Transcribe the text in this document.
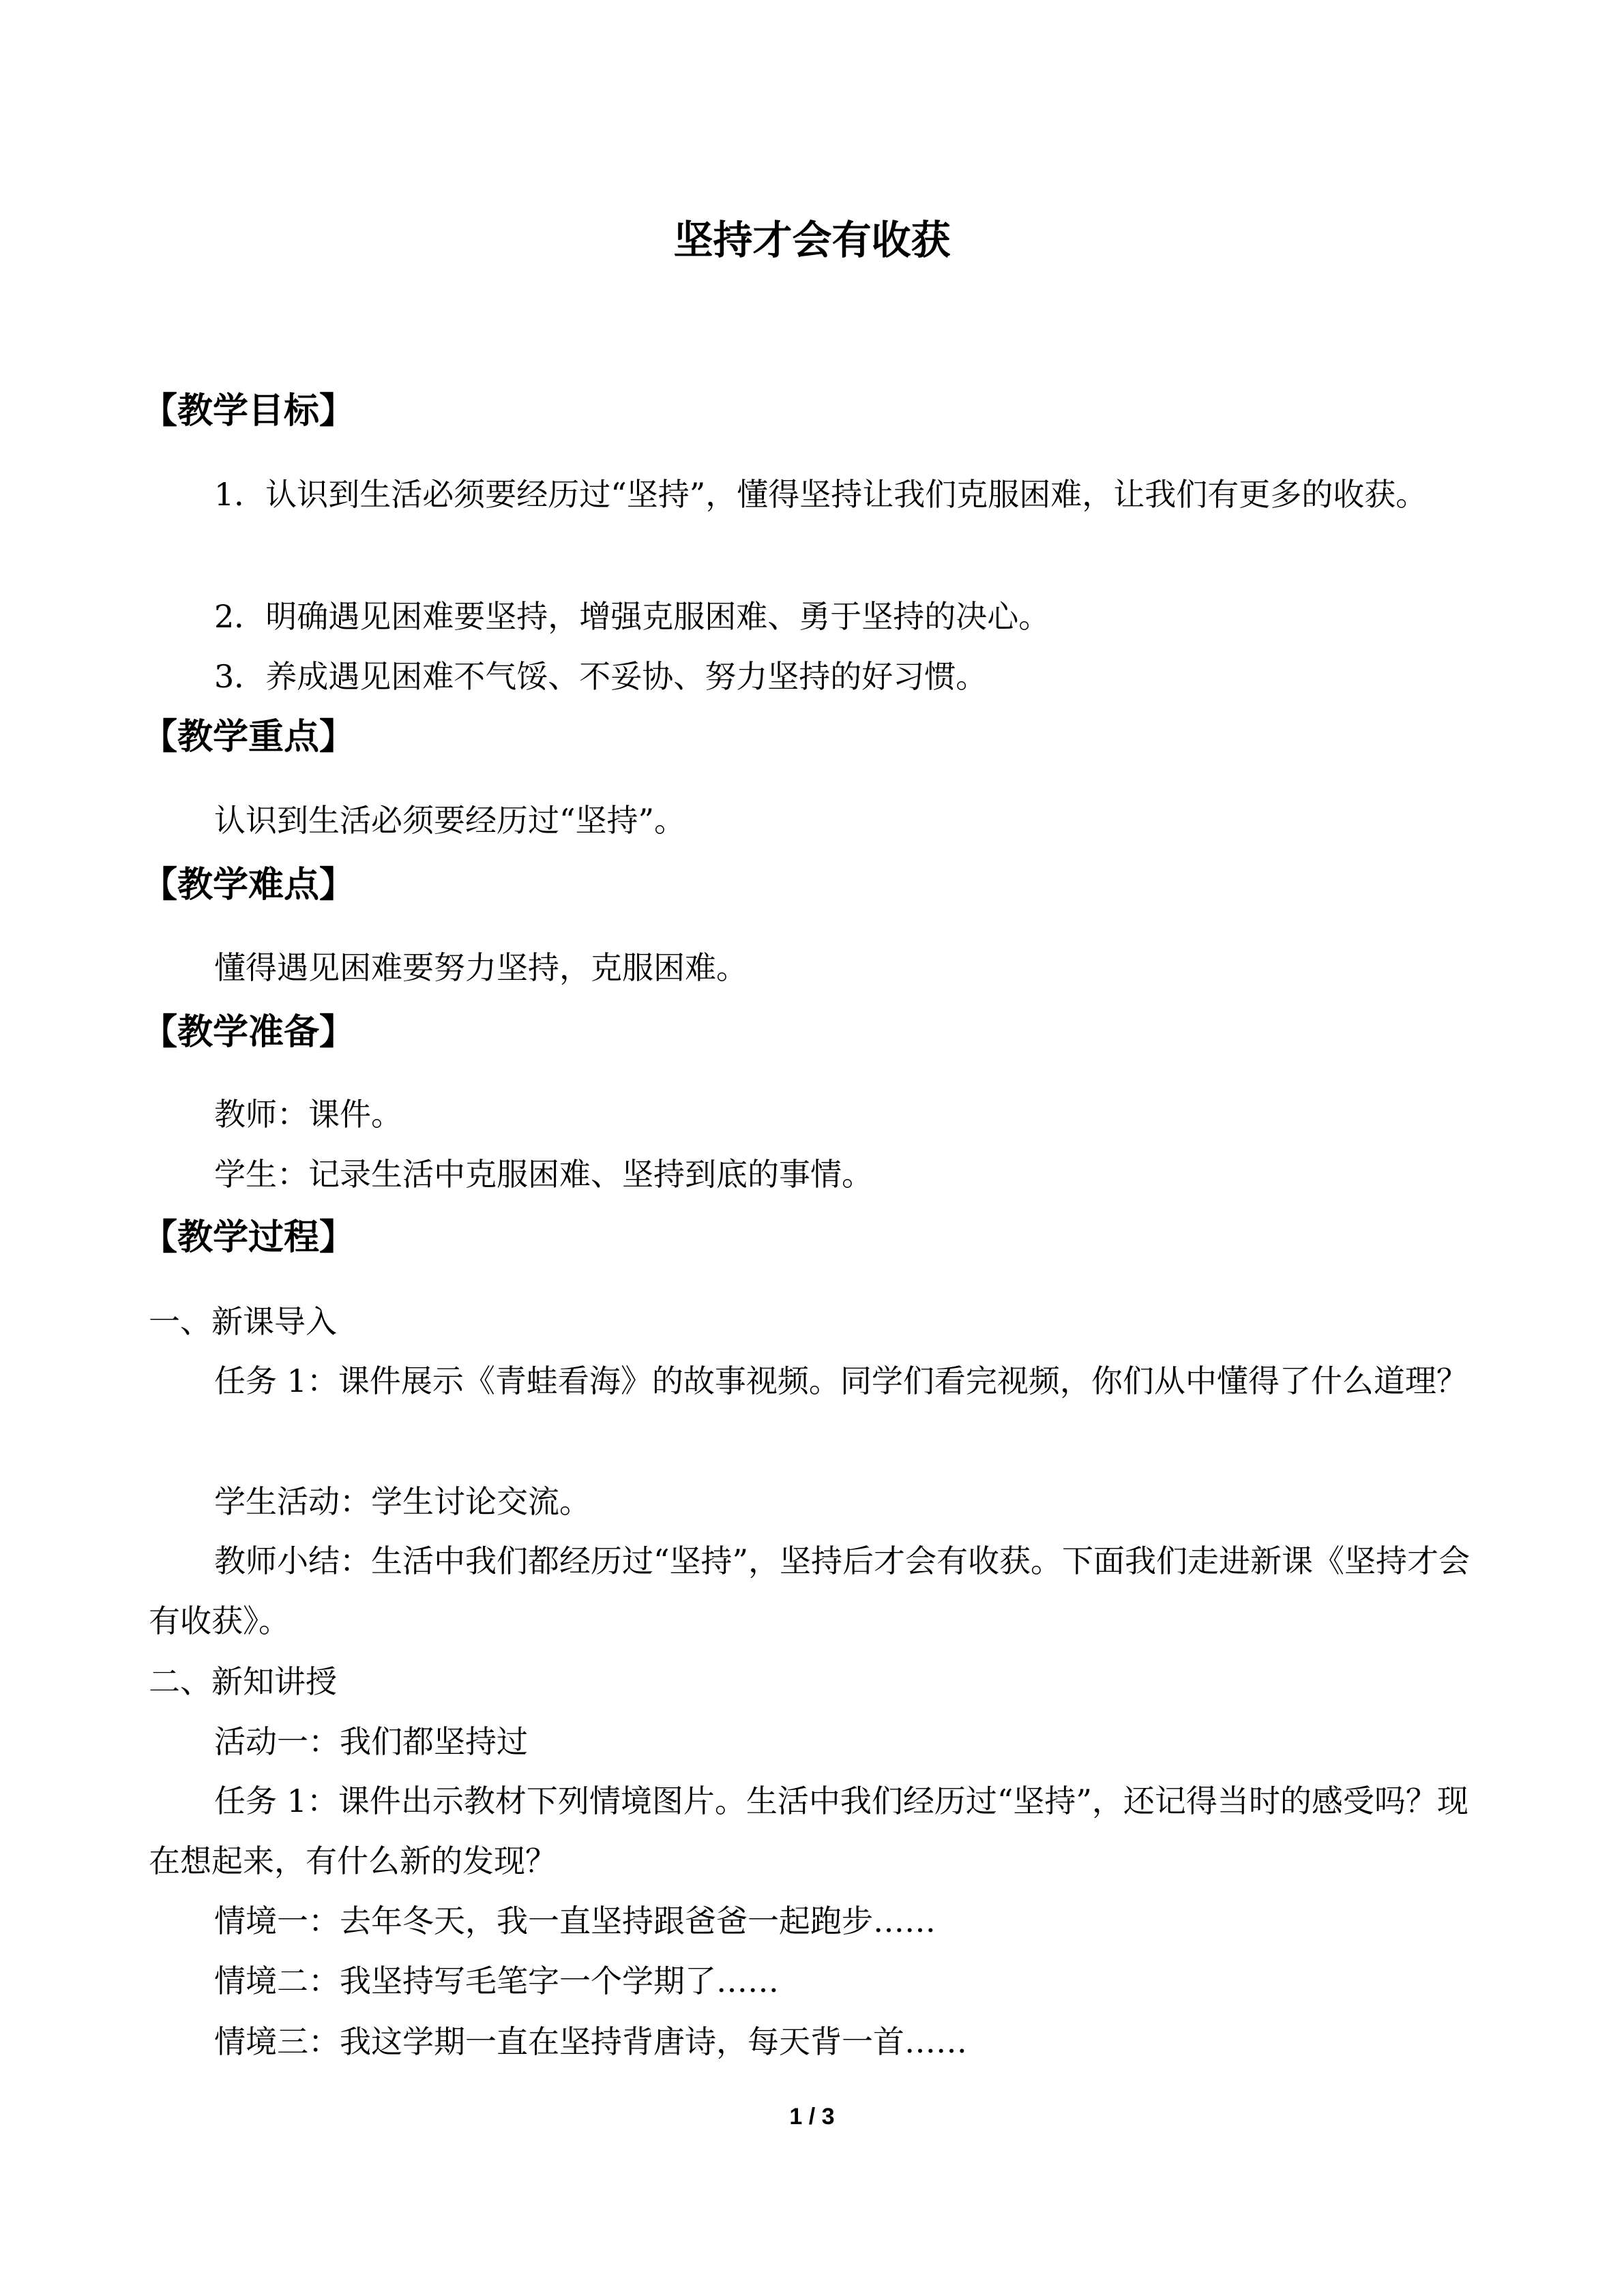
坚持才会有收获
【教学目标】
1．认识到生活必须要经历过“坚持”，懂得坚持让我们克服困难，让我们有更多的收获。
2．明确遇见困难要坚持，增强克服困难、勇于坚持的决心。
3．养成遇见困难不气馁、不妥协、努力坚持的好习惯。
【教学重点】
认识到生活必须要经历过“坚持”。
【教学难点】
懂得遇见困难要努力坚持，克服困难。
【教学准备】
教师：课件。
学生：记录生活中克服困难、坚持到底的事情。
【教学过程】
一、新课导入
任务 1：课件展示《青蛙看海》的故事视频。同学们看完视频，你们从中懂得了什么道理？
学生活动：学生讨论交流。
教师小结：生活中我们都经历过“坚持”，坚持后才会有收获。下面我们走进新课《坚持才会有收获》。
二、新知讲授
活动一：我们都坚持过
任务 1：课件出示教材下列情境图片。生活中我们经历过“坚持”，还记得当时的感受吗？现在想起来，有什么新的发现？
情境一：去年冬天，我一直坚持跟爸爸一起跑步……
情境二：我坚持写毛笔字一个学期了……
情境三：我这学期一直在坚持背唐诗，每天背一首……
1 / 3
